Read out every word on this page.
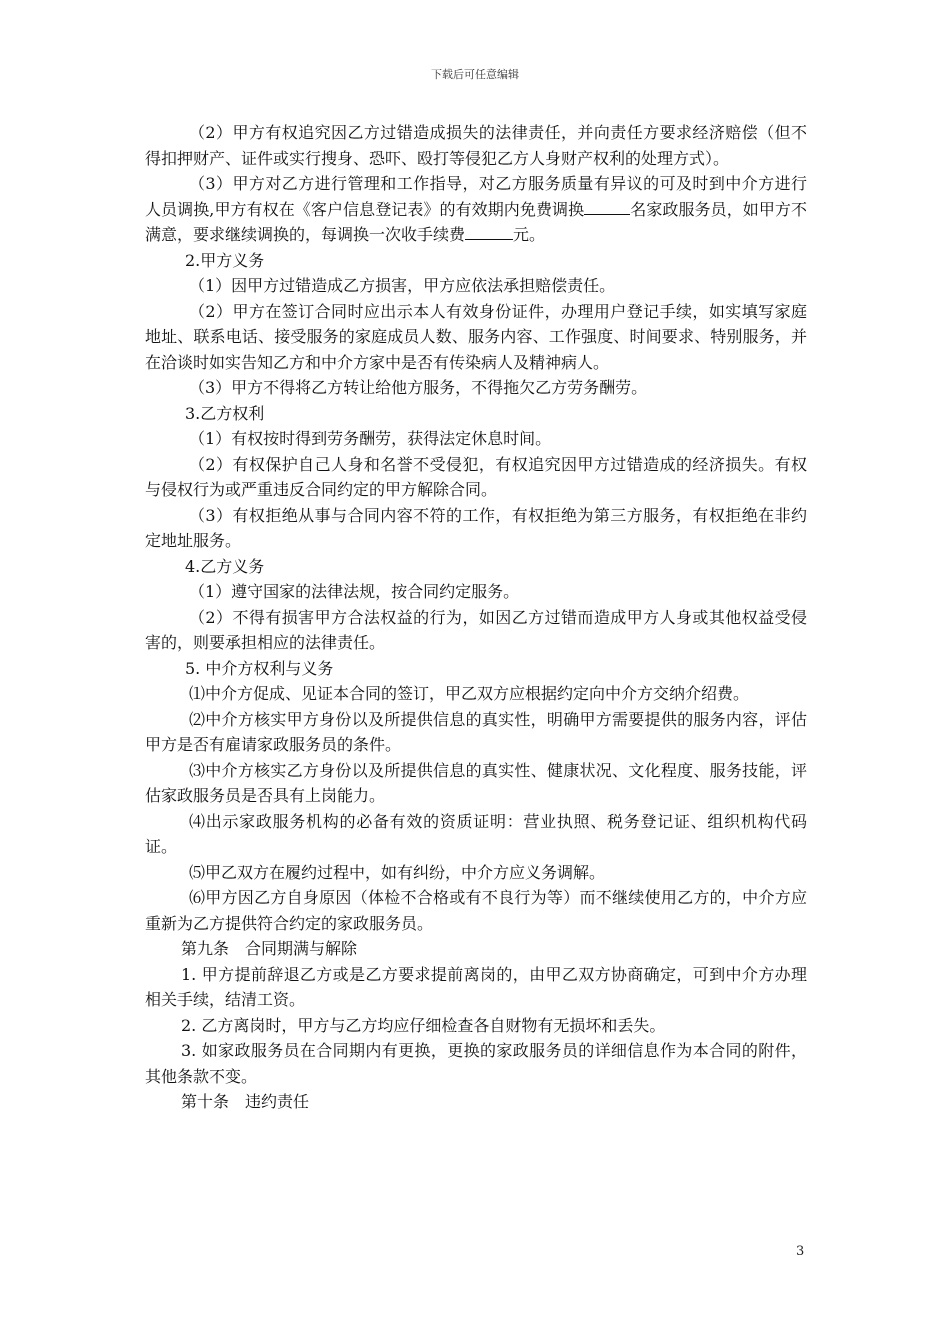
下载后可任意编辑

（2）甲方有权追究因乙方过错造成损失的法律责任，并向责任方要求经济赔偿（但不得扣押财产、证件或实行搜身、恐吓、殴打等侵犯乙方人身财产权利的处理方式）。

（3）甲方对乙方进行管理和工作指导，对乙方服务质量有异议的可及时到中介方进行人员调换,甲方有权在《客户信息登记表》的有效期内免费调换	名家政服务员，如甲方不满意，要求继续调换的，每调换一次收手续费	元。

2.甲方义务

（1）因甲方过错造成乙方损害，甲方应依法承担赔偿责任。

（2）甲方在签订合同时应出示本人有效身份证件，办理用户登记手续，如实填写家庭地址、联系电话、接受服务的家庭成员人数、服务内容、工作强度、时间要求、特别服务，并在洽谈时如实告知乙方和中介方家中是否有传染病人及精神病人。

（3）甲方不得将乙方转让给他方服务，不得拖欠乙方劳务酬劳。

3.乙方权利

（1）有权按时得到劳务酬劳，获得法定休息时间。

（2）有权保护自己人身和名誉不受侵犯，有权追究因甲方过错造成的经济损失。有权与侵权行为或严重违反合同约定的甲方解除合同。

（3）有权拒绝从事与合同内容不符的工作，有权拒绝为第三方服务，有权拒绝在非约定地址服务。

4.乙方义务

（1）遵守国家的法律法规，按合同约定服务。

（2）不得有损害甲方合法权益的行为，如因乙方过错而造成甲方人身或其他权益受侵害的，则要承担相应的法律责任。

5. 中介方权利与义务

⑴中介方促成、见证本合同的签订，甲乙双方应根据约定向中介方交纳介绍费。

⑵中介方核实甲方身份以及所提供信息的真实性，明确甲方需要提供的服务内容，评估甲方是否有雇请家政服务员的条件。

⑶中介方核实乙方身份以及所提供信息的真实性、健康状况、文化程度、服务技能，评估家政服务员是否具有上岗能力。

⑷出示家政服务机构的必备有效的资质证明：营业执照、税务登记证、组织机构代码证。

⑸甲乙双方在履约过程中，如有纠纷，中介方应义务调解。

⑹甲方因乙方自身原因（体检不合格或有不良行为等）而不继续使用乙方的，中介方应重新为乙方提供符合约定的家政服务员。

第九条　合同期满与解除

1. 甲方提前辞退乙方或是乙方要求提前离岗的，由甲乙双方协商确定，可到中介方办理相关手续，结清工资。

2. 乙方离岗时，甲方与乙方均应仔细检查各自财物有无损坏和丢失。

3. 如家政服务员在合同期内有更换，更换的家政服务员的详细信息作为本合同的附件，其他条款不变。

第十条　违约责任

3
